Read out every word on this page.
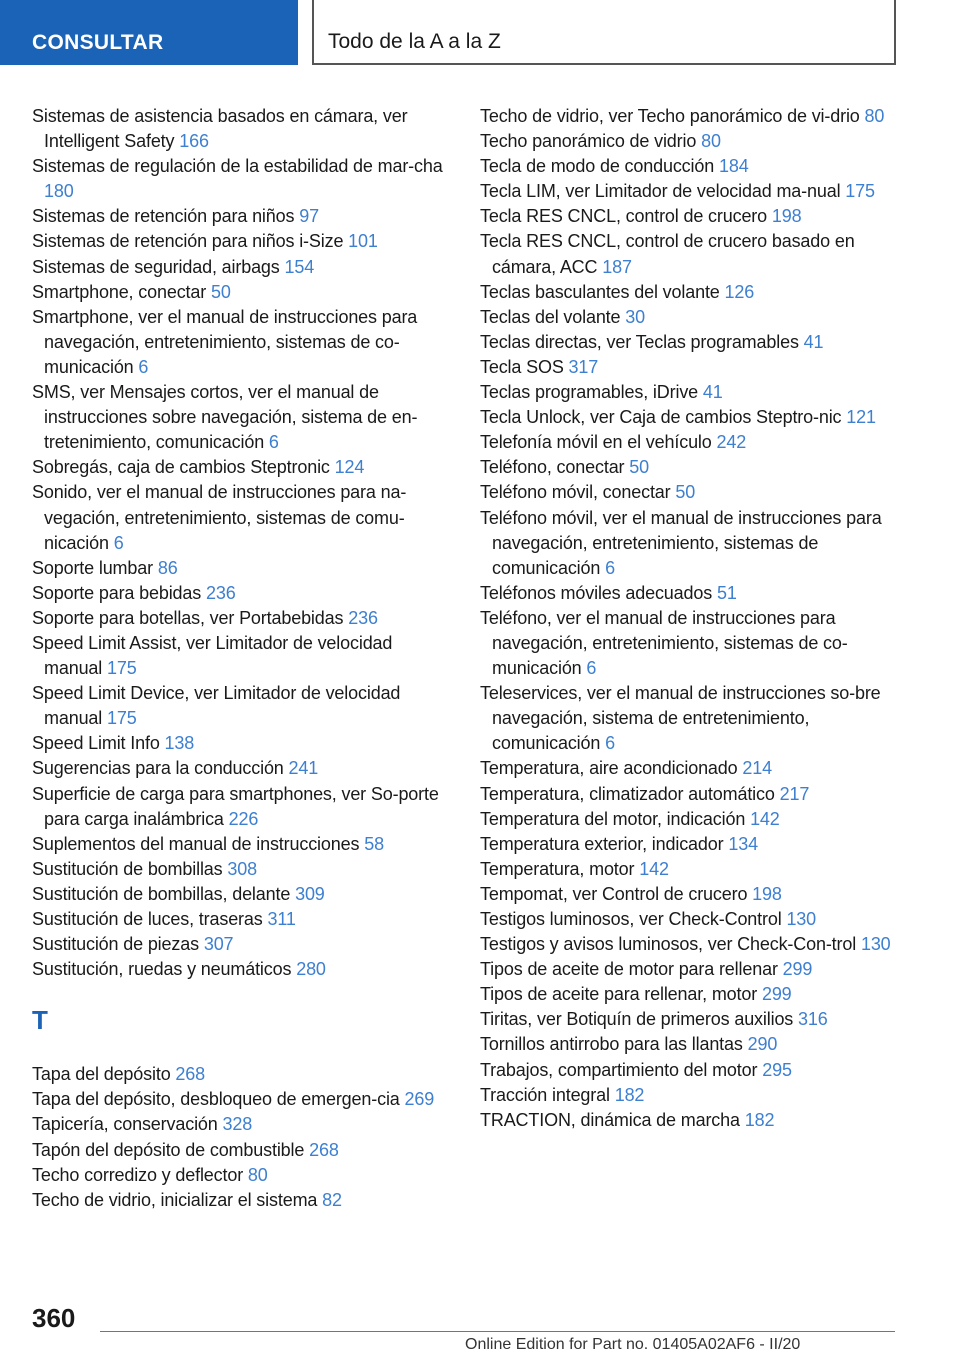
CONSULTAR	Todo de la A a la Z
Sistemas de asistencia basados en cámara, ver Intelligent Safety 166
Sistemas de regulación de la estabilidad de mar-cha 180
Sistemas de retención para niños 97
Sistemas de retención para niños i-Size 101
Sistemas de seguridad, airbags 154
Smartphone, conectar 50
Smartphone, ver el manual de instrucciones para navegación, entretenimiento, sistemas de co-municación 6
SMS, ver Mensajes cortos, ver el manual de instrucciones sobre navegación, sistema de en-tretenimiento, comunicación 6
Sobregás, caja de cambios Steptronic 124
Sonido, ver el manual de instrucciones para na-vegación, entretenimiento, sistemas de comu-nicación 6
Soporte lumbar 86
Soporte para bebidas 236
Soporte para botellas, ver Portabebidas 236
Speed Limit Assist, ver Limitador de velocidad manual 175
Speed Limit Device, ver Limitador de velocidad manual 175
Speed Limit Info 138
Sugerencias para la conducción 241
Superficie de carga para smartphones, ver So-porte para carga inalámbrica 226
Suplementos del manual de instrucciones 58
Sustitución de bombillas 308
Sustitución de bombillas, delante 309
Sustitución de luces, traseras 311
Sustitución de piezas 307
Sustitución, ruedas y neumáticos 280
T
Tapa del depósito 268
Tapa del depósito, desbloqueo de emergen-cia 269
Tapicería, conservación 328
Tapón del depósito de combustible 268
Techo corredizo y deflector 80
Techo de vidrio, inicializar el sistema 82
Techo de vidrio, ver Techo panorámico de vi-drio 80
Techo panorámico de vidrio 80
Tecla de modo de conducción 184
Tecla LIM, ver Limitador de velocidad ma-nual 175
Tecla RES CNCL, control de crucero 198
Tecla RES CNCL, control de crucero basado en cámara, ACC 187
Teclas basculantes del volante 126
Teclas del volante 30
Teclas directas, ver Teclas programables 41
Tecla SOS 317
Teclas programables, iDrive 41
Tecla Unlock, ver Caja de cambios Steptro-nic 121
Telefonía móvil en el vehículo 242
Teléfono, conectar 50
Teléfono móvil, conectar 50
Teléfono móvil, ver el manual de instrucciones para navegación, entretenimiento, sistemas de comunicación 6
Teléfonos móviles adecuados 51
Teléfono, ver el manual de instrucciones para navegación, entretenimiento, sistemas de co-municación 6
Teleservices, ver el manual de instrucciones so-bre navegación, sistema de entretenimiento, comunicación 6
Temperatura, aire acondicionado 214
Temperatura, climatizador automático 217
Temperatura del motor, indicación 142
Temperatura exterior, indicador 134
Temperatura, motor 142
Tempomat, ver Control de crucero 198
Testigos luminosos, ver Check-Control 130
Testigos y avisos luminosos, ver Check-Con-trol 130
Tipos de aceite de motor para rellenar 299
Tipos de aceite para rellenar, motor 299
Tiritas, ver Botiquín de primeros auxilios 316
Tornillos antirrobo para las llantas 290
Trabajos, compartimiento del motor 295
Tracción integral 182
TRACTION, dinámica de marcha 182
360
Online Edition for Part no. 01405A02AF6 - II/20
